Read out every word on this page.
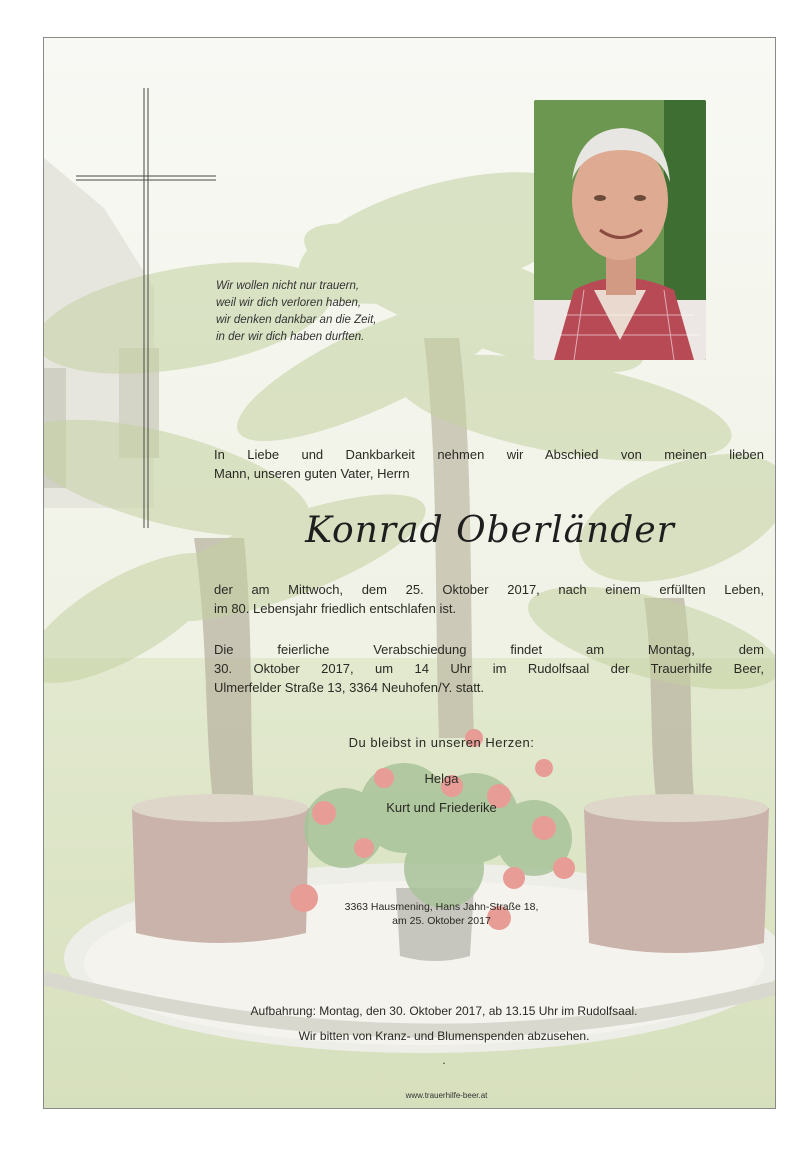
Wir wollen nicht nur trauern,
weil wir dich verloren haben,
wir denken dankbar an die Zeit,
in der wir dich haben durften.
In Liebe und Dankbarkeit nehmen wir Abschied von meinen lieben
Mann, unseren guten Vater, Herrn
Konrad Oberländer
der am Mittwoch, dem 25. Oktober 2017, nach einem erfüllten Leben,
im 80. Lebensjahr friedlich entschlafen ist.
Die feierliche Verabschiedung findet am Montag, dem
30. Oktober 2017, um 14 Uhr im Rudolfsaal der Trauerhilfe Beer,
Ulmerfelder Straße 13, 3364 Neuhofen/Y. statt.
Du bleibst in unseren Herzen:
Helga
Kurt und Friederike
3363 Hausmening, Hans Jahn-Straße 18,
am 25. Oktober 2017
Aufbahrung: Montag, den 30. Oktober 2017, ab 13.15 Uhr im Rudolfsaal.
Wir bitten von Kranz- und Blumenspenden abzusehen.
.
www.trauerhilfe-beer.at
